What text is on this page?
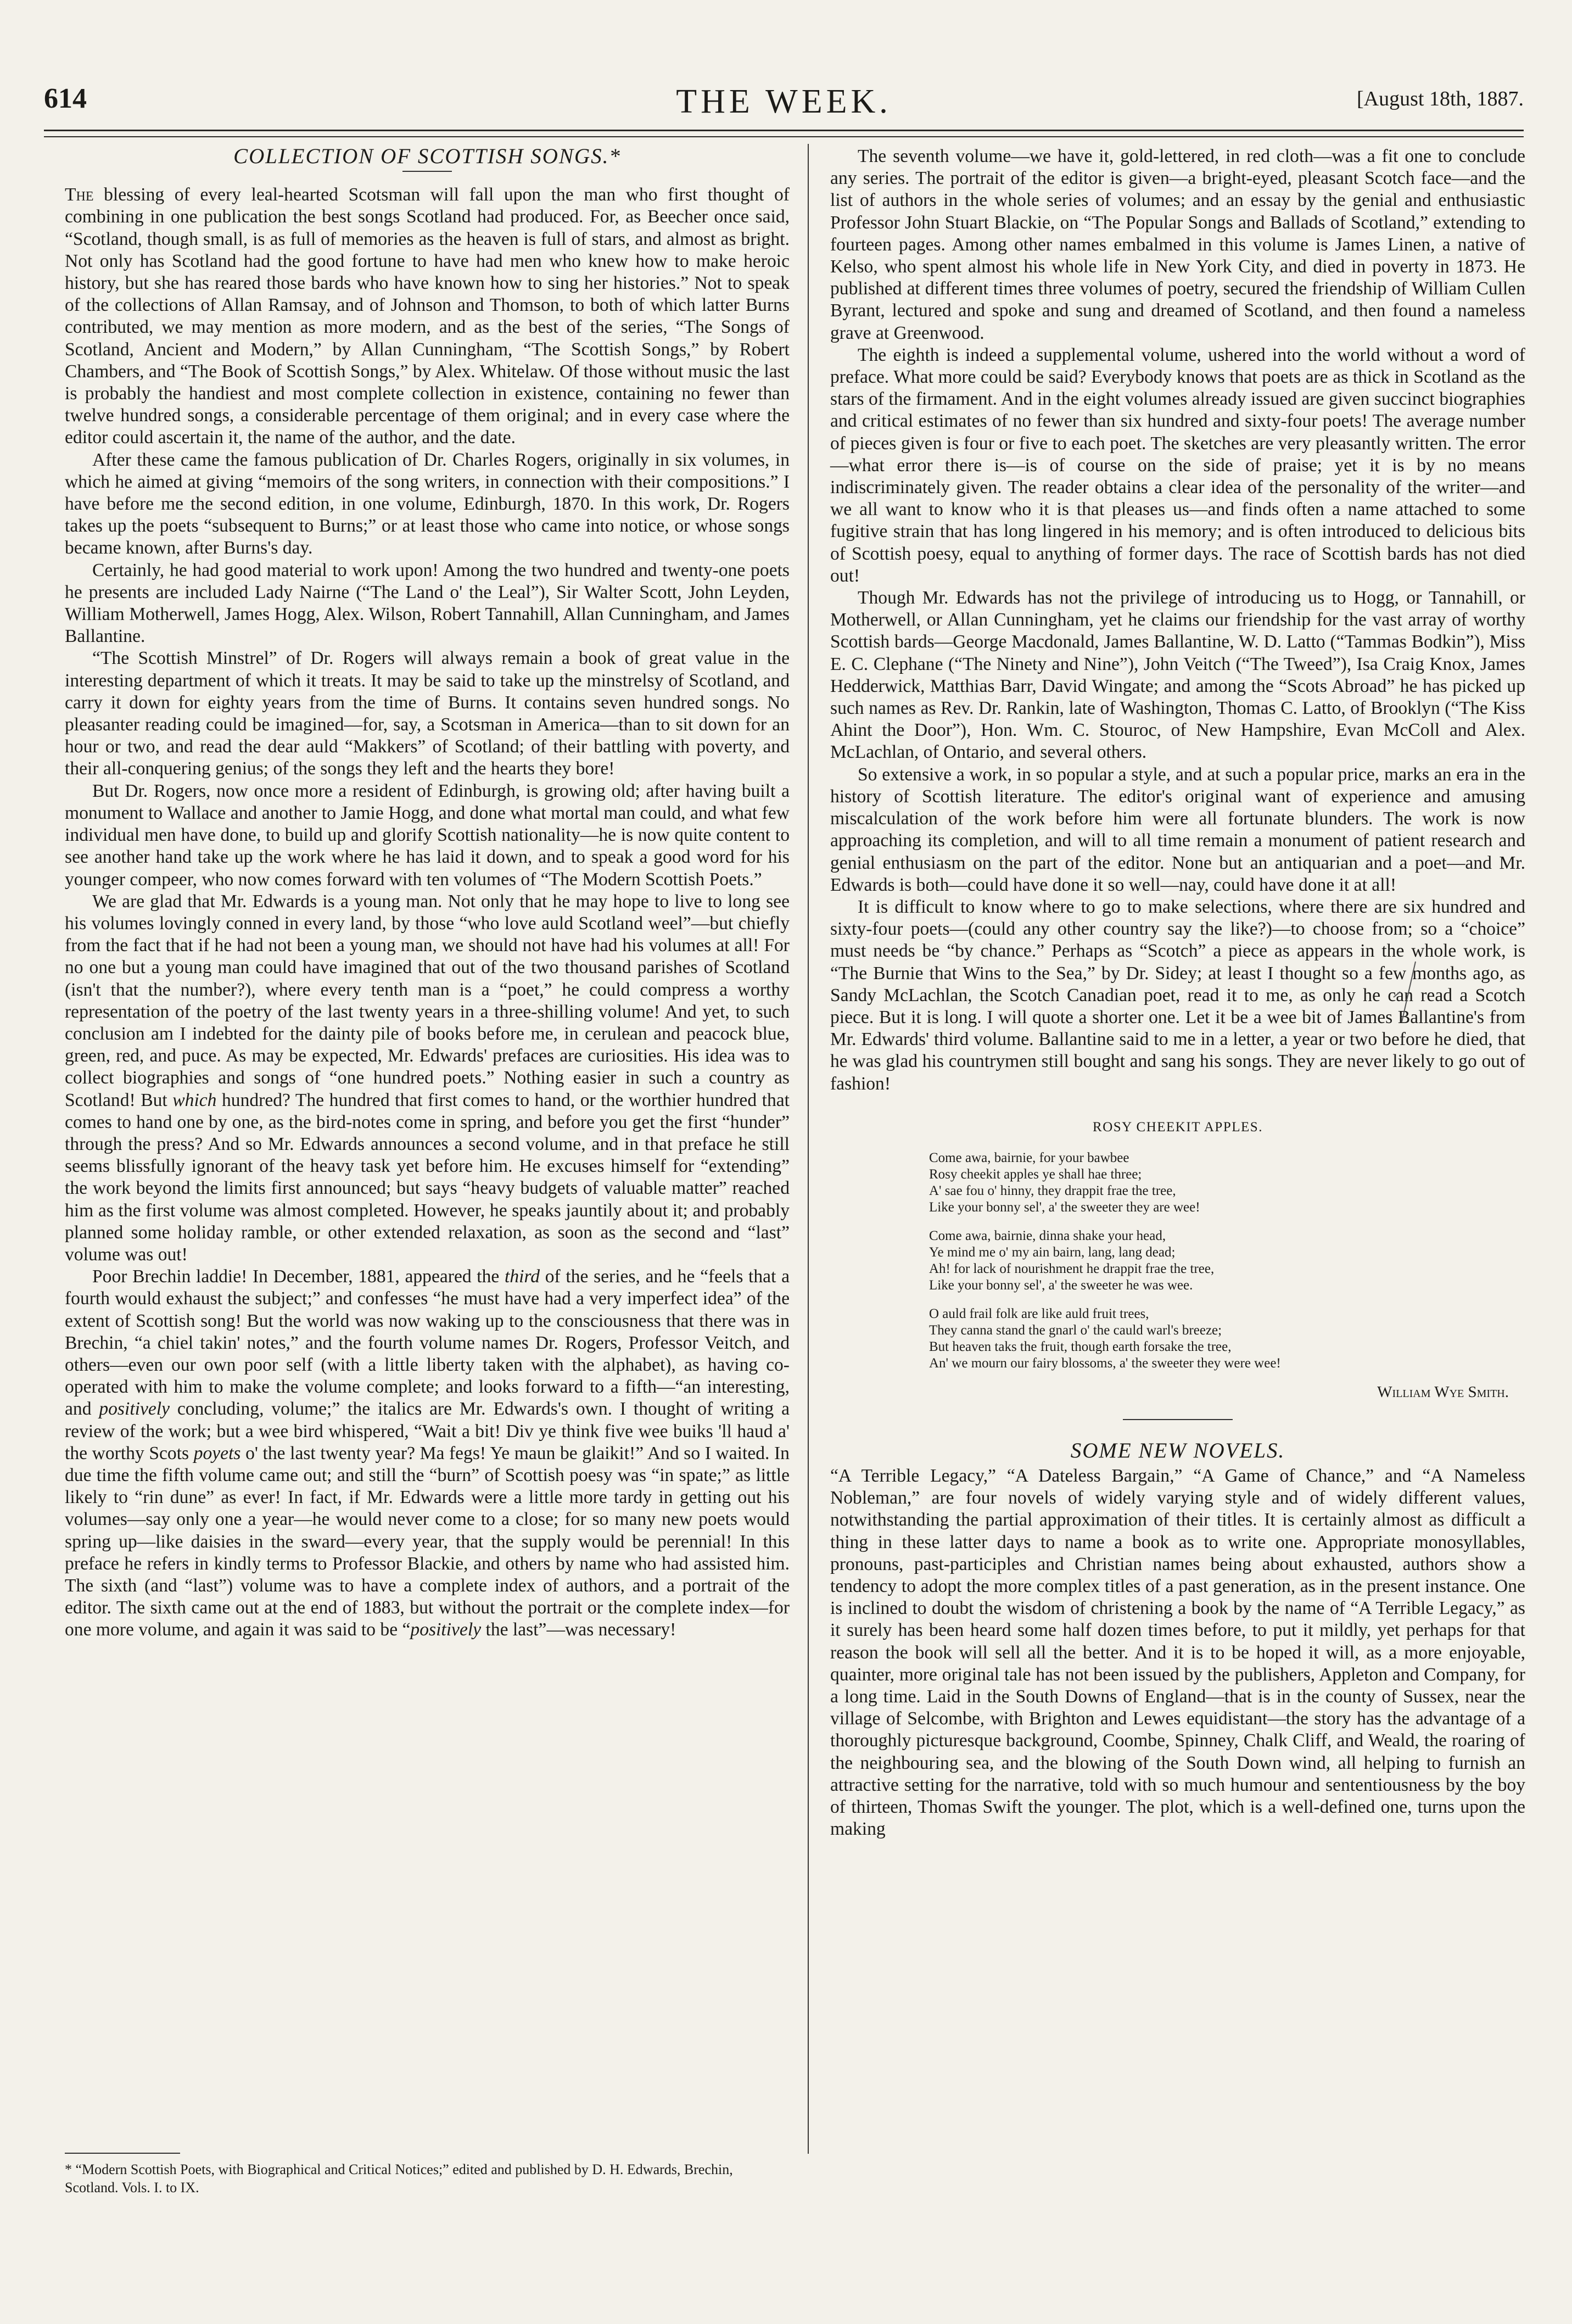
614	THE WEEK.	[August 18th, 1887.
COLLECTION OF SCOTTISH SONGS.*

The blessing of every leal-hearted Scotsman will fall upon the man who first thought of combining in one publication the best songs Scotland had produced. For, as Beecher once said, “Scotland, though small, is as full of memories as the heaven is full of stars, and almost as bright. Not only has Scotland had the good fortune to have had men who knew how to make heroic history, but she has reared those bards who have known how to sing her histories.” Not to speak of the collections of Allan Ramsay, and of Johnson and Thomson, to both of which latter Burns contributed, we may mention as more modern, and as the best of the series, “The Songs of Scotland, Ancient and Modern,” by Allan Cunningham, “The Scottish Songs,” by Robert Chambers, and “The Book of Scottish Songs,” by Alex. Whitelaw. Of those without music the last is probably the handiest and most complete collection in existence, containing no fewer than twelve hundred songs, a considerable percentage of them original; and in every case where the editor could ascertain it, the name of the author, and the date.

After these came the famous publication of Dr. Charles Rogers, originally in six volumes, in which he aimed at giving “memoirs of the song writers, in connection with their compositions.” I have before me the second edition, in one volume, Edinburgh, 1870. In this work, Dr. Rogers takes up the poets “subsequent to Burns;” or at least those who came into notice, or whose songs became known, after Burns's day.

Certainly, he had good material to work upon! Among the two hundred and twenty-one poets he presents are included Lady Nairne (“The Land o' the Leal”), Sir Walter Scott, John Leyden, William Motherwell, James Hogg, Alex. Wilson, Robert Tannahill, Allan Cunningham, and James Ballantine.

“The Scottish Minstrel” of Dr. Rogers will always remain a book of great value in the interesting department of which it treats. It may be said to take up the minstrelsy of Scotland, and carry it down for eighty years from the time of Burns. It contains seven hundred songs. No pleasanter reading could be imagined—for, say, a Scotsman in America—than to sit down for an hour or two, and read the dear auld “Makkers” of Scotland; of their battling with poverty, and their all-conquering genius; of the songs they left and the hearts they bore!

But Dr. Rogers, now once more a resident of Edinburgh, is growing old; after having built a monument to Wallace and another to Jamie Hogg, and done what mortal man could, and what few individual men have done, to build up and glorify Scottish nationality—he is now quite content to see another hand take up the work where he has laid it down, and to speak a good word for his younger compeer, who now comes forward with ten volumes of “The Modern Scottish Poets.”

We are glad that Mr. Edwards is a young man. Not only that he may hope to live to long see his volumes lovingly conned in every land, by those “who love auld Scotland weel”—but chiefly from the fact that if he had not been a young man, we should not have had his volumes at all! For no one but a young man could have imagined that out of the two thousand parishes of Scotland (isn't that the number?), where every tenth man is a “poet,” he could compress a worthy representation of the poetry of the last twenty years in a three-shilling volume! And yet, to such conclusion am I indebted for the dainty pile of books before me, in cerulean and peacock blue, green, red, and puce. As may be expected, Mr. Edwards' prefaces are curiosities. His idea was to collect biographies and songs of “one hundred poets.” Nothing easier in such a country as Scotland! But which hundred? The hundred that first comes to hand, or the worthier hundred that comes to hand one by one, as the bird-notes come in spring, and before you get the first “hunder” through the press? And so Mr. Edwards announces a second volume, and in that preface he still seems blissfully ignorant of the heavy task yet before him. He excuses himself for “extending” the work beyond the limits first announced; but says “heavy budgets of valuable matter” reached him as the first volume was almost completed. However, he speaks jauntily about it; and probably planned some holiday ramble, or other extended relaxation, as soon as the second and “last” volume was out!

Poor Brechin laddie! In December, 1881, appeared the third of the series, and he “feels that a fourth would exhaust the subject;” and confesses “he must have had a very imperfect idea” of the extent of Scottish song! But the world was now waking up to the consciousness that there was in Brechin, “a chiel takin' notes,” and the fourth volume names Dr. Rogers, Professor Veitch, and others—even our own poor self (with a little liberty taken with the alphabet), as having co-operated with him to make the volume complete; and looks forward to a fifth—“an interesting, and positively concluding, volume;” the italics are Mr. Edwards's own. I thought of writing a review of the work; but a wee bird whispered, “Wait a bit! Div ye think five wee buiks 'll haud a' the worthy Scots poyets o' the last twenty year? Ma fegs! Ye maun be glaikit!” And so I waited. In due time the fifth volume came out; and still the “burn” of Scottish poesy was “in spate;” as little likely to “rin dune” as ever! In fact, if Mr. Edwards were a little more tardy in getting out his volumes—say only one a year—he would never come to a close; for so many new poets would spring up—like daisies in the sward—every year, that the supply would be perennial! In this preface he refers in kindly terms to Professor Blackie, and others by name who had assisted him. The sixth (and “last”) volume was to have a complete index of authors, and a portrait of the editor. The sixth came out at the end of 1883, but without the portrait or the complete index—for one more volume, and again it was said to be “positively the last”—was necessary!

* “Modern Scottish Poets, with Biographical and Critical Notices;” edited and published by D. H. Edwards, Brechin, Scotland. Vols. I. to IX.

The seventh volume—we have it, gold-lettered, in red cloth—was a fit one to conclude any series. The portrait of the editor is given—a bright-eyed, pleasant Scotch face—and the list of authors in the whole series of volumes; and an essay by the genial and enthusiastic Professor John Stuart Blackie, on “The Popular Songs and Ballads of Scotland,” extending to fourteen pages. Among other names embalmed in this volume is James Linen, a native of Kelso, who spent almost his whole life in New York City, and died in poverty in 1873. He published at different times three volumes of poetry, secured the friendship of William Cullen Byrant, lectured and spoke and sung and dreamed of Scotland, and then found a nameless grave at Greenwood.

The eighth is indeed a supplemental volume, ushered into the world without a word of preface. What more could be said? Everybody knows that poets are as thick in Scotland as the stars of the firmament. And in the eight volumes already issued are given succinct biographies and critical estimates of no fewer than six hundred and sixty-four poets! The average number of pieces given is four or five to each poet. The sketches are very pleasantly written. The error—what error there is—is of course on the side of praise; yet it is by no means indiscriminately given. The reader obtains a clear idea of the personality of the writer—and we all want to know who it is that pleases us—and finds often a name attached to some fugitive strain that has long lingered in his memory; and is often introduced to delicious bits of Scottish poesy, equal to anything of former days. The race of Scottish bards has not died out!

Though Mr. Edwards has not the privilege of introducing us to Hogg, or Tannahill, or Motherwell, or Allan Cunningham, yet he claims our friendship for the vast array of worthy Scottish bards—George Macdonald, James Ballantine, W. D. Latto (“Tammas Bodkin”), Miss E. C. Clephane (“The Ninety and Nine”), John Veitch (“The Tweed”), Isa Craig Knox, James Hedderwick, Matthias Barr, David Wingate; and among the “Scots Abroad” he has picked up such names as Rev. Dr. Rankin, late of Washington, Thomas C. Latto, of Brooklyn (“The Kiss Ahint the Door”), Hon. Wm. C. Stouroc, of New Hampshire, Evan McColl and Alex. McLachlan, of Ontario, and several others.

So extensive a work, in so popular a style, and at such a popular price, marks an era in the history of Scottish literature. The editor's original want of experience and amusing miscalculation of the work before him were all fortunate blunders. The work is now approaching its completion, and will to all time remain a monument of patient research and genial enthusiasm on the part of the editor. None but an antiquarian and a poet—and Mr. Edwards is both—could have done it so well—nay, could have done it at all!

It is difficult to know where to go to make selections, where there are six hundred and sixty-four poets—(could any other country say the like?)—to choose from; so a “choice” must needs be “by chance.” Perhaps as “Scotch” a piece as appears in the whole work, is “The Burnie that Wins to the Sea,” by Dr. Sidey; at least I thought so a few months ago, as Sandy McLachlan, the Scotch Canadian poet, read it to me, as only he can read a Scotch piece. But it is long. I will quote a shorter one. Let it be a wee bit of James Ballantine's from Mr. Edwards' third volume. Ballantine said to me in a letter, a year or two before he died, that he was glad his countrymen still bought and sang his songs. They are never likely to go out of fashion!

ROSY CHEEKIT APPLES.
Come awa, bairnie, for your bawbee
Rosy cheekit apples ye shall hae three;
A' sae fou o' hinny, they drappit frae the tree,
Like your bonny sel', a' the sweeter they are wee!
Come awa, bairnie, dinna shake your head,
Ye mind me o' my ain bairn, lang, lang dead;
Ah! for lack of nourishment he drappit frae the tree,
Like your bonny sel', a' the sweeter he was wee.
O auld frail folk are like auld fruit trees,
They canna stand the gnarl o' the cauld warl's breeze;
But heaven taks the fruit, though earth forsake the tree,
An' we mourn our fairy blossoms, a' the sweeter they were wee!
William Wye Smith.
SOME NEW NOVELS.

“A Terrible Legacy,” “A Dateless Bargain,” “A Game of Chance,” and “A Nameless Nobleman,” are four novels of widely varying style and of widely different values, notwithstanding the partial approximation of their titles. It is certainly almost as difficult a thing in these latter days to name a book as to write one. Appropriate monosyllables, pronouns, past-participles and Christian names being about exhausted, authors show a tendency to adopt the more complex titles of a past generation, as in the present instance. One is inclined to doubt the wisdom of christening a book by the name of “A Terrible Legacy,” as it surely has been heard some half dozen times before, to put it mildly, yet perhaps for that reason the book will sell all the better. And it is to be hoped it will, as a more enjoyable, quainter, more original tale has not been issued by the publishers, Appleton and Company, for a long time. Laid in the South Downs of England—that is in the county of Sussex, near the village of Selcombe, with Brighton and Lewes equidistant—the story has the advantage of a thoroughly picturesque background, Coombe, Spinney, Chalk Cliff, and Weald, the roaring of the neighbouring sea, and the blowing of the South Down wind, all helping to furnish an attractive setting for the narrative, told with so much humour and sententiousness by the boy of thirteen, Thomas Swift the younger. The plot, which is a well-defined one, turns upon the making
